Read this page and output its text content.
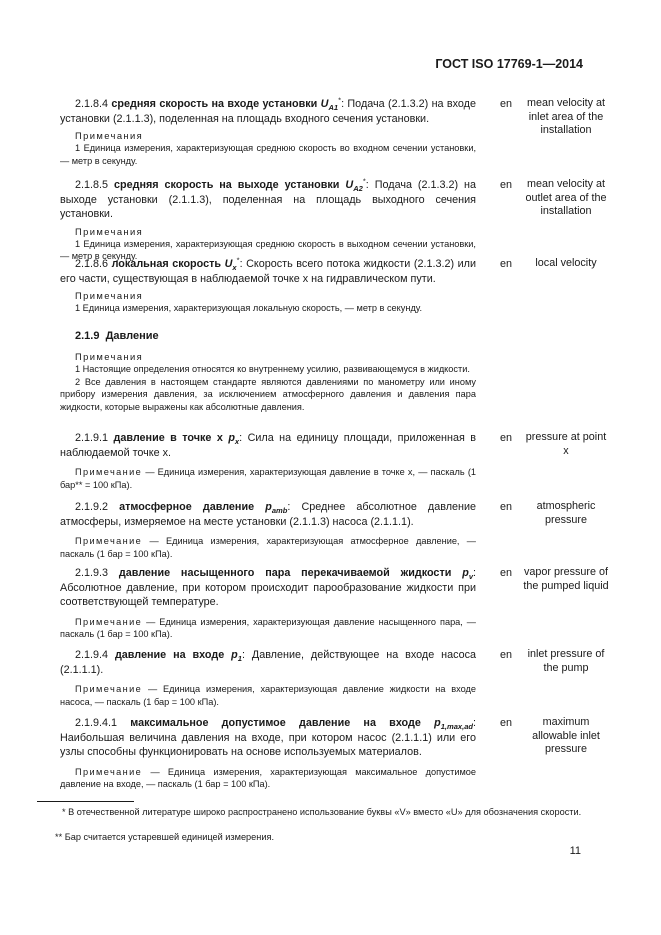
ГОСТ ISO 17769-1—2014
2.1.8.4 средняя скорость на входе установки $U_{A1}^*$: Подача (2.1.3.2) на входе установки (2.1.1.3), поделенная на площадь входного сечения установки.
Примечания
1 Единица измерения, характеризующая среднюю скорость во входном сечении установки, — метр в секунду.
en	mean velocity at inlet area of the installation
2.1.8.5 средняя скорость на выходе установки $U_{A2}^*$: Подача (2.1.3.2) на выходе установки (2.1.1.3), поделенная на площадь выходного сечения установки.
Примечания
1 Единица измерения, характеризующая среднюю скорость в выходном сечении установки, — метр в секунду.
en	mean velocity at outlet area of the installation
2.1.8.6 локальная скорость $U_x^*$: Скорость всего потока жидкости (2.1.3.2) или его части, существующая в наблюдаемой точке x на гидравлическом пути.
Примечания
1 Единица измерения, характеризующая локальную скорость, — метр в секунду.
en	local velocity
2.1.9 Давление
Примечания
1 Настоящие определения относятся ко внутреннему усилию, развивающемуся в жидкости.
2 Все давления в настоящем стандарте являются давлениями по манометру или иному прибору измерения давления, за исключением атмосферного давления и давления пара жидкости, которые выражены как абсолютные давления.
2.1.9.1 давление в точке x $p_x$: Сила на единицу площади, приложенная в наблюдаемой точке x.
Примечание — Единица измерения, характеризующая давление в точке x, — паскаль (1 бар** = 100 кПа).
en pressure at point x
2.1.9.2 атмосферное давление $p_{amb}$: Среднее абсолютное давление атмосферы, измеряемое на месте установки (2.1.1.3) насоса (2.1.1.1).
Примечание — Единица измерения, характеризующая атмосферное давление, — паскаль (1 бар = 100 кПа).
en	atmospheric pressure
2.1.9.3 давление насыщенного пара перекачиваемой жидкости $p_v$: Абсолютное давление, при котором происходит парообразование жидкости при соответствующей температуре.
Примечание — Единица измерения, характеризующая давление насыщенного пара, — паскаль (1 бар = 100 кПа).
en vapor pressure of the pumped liquid
2.1.9.4 давление на входе $p_1$: Давление, действующее на входе насоса (2.1.1.1).
Примечание — Единица измерения, характеризующая давление жидкости на входе насоса, — паскаль (1 бар = 100 кПа).
en	inlet pressure of the pump
2.1.9.4.1 максимальное допустимое давление на входе $p_{1,max,ad}$: Наибольшая величина давления на входе, при котором насос (2.1.1.1) или его узлы способны функционировать на основе используемых материалов.
Примечание — Единица измерения, характеризующая максимальное допустимое давление на входе, — паскаль (1 бар = 100 кПа).
en	maximum allowable inlet pressure
* В отечественной литературе широко распространено использование буквы «V» вместо «U» для обозначения скорости.
** Бар считается устаревшей единицей измерения.
11
